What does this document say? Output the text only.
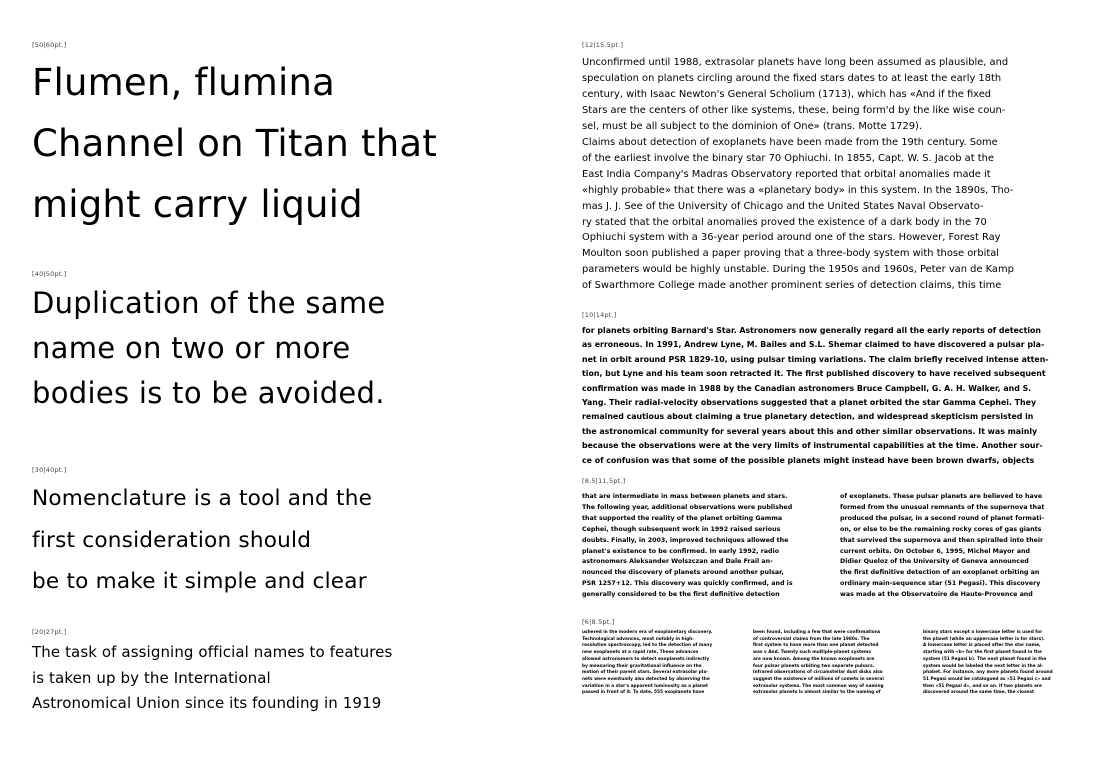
[50|60pt.]
Flumen, flumina
Channel on Titan that
might carry liquid
[40|50pt.]
Duplication of the same
name on two or more
bodies is to be avoided.
[30|40pt.]
Nomenclature is a tool and the
first consideration should
be to make it simple and clear
[20|27pt.]
The task of assigning official names to features
is taken up by the International
Astronomical Union since its founding in 1919
[12|15.5pt.]
Unconfirmed until 1988, extrasolar planets have long been assumed as plausible, and
speculation on planets circling around the fixed stars dates to at least the early 18th
century, with Isaac Newton's General Scholium (1713), which has «And if the fixed
Stars are the centers of other like systems, these, being form'd by the like wise coun-
sel, must be all subject to the dominion of One» (trans. Motte 1729).
Claims about detection of exoplanets have been made from the 19th century. Some
of the earliest involve the binary star 70 Ophiuchi. In 1855, Capt. W. S. Jacob at the
East India Company's Madras Observatory reported that orbital anomalies made it
«highly probable» that there was a «planetary body» in this system. In the 1890s, Tho-
mas J. J. See of the University of Chicago and the United States Naval Observato-
ry stated that the orbital anomalies proved the existence of a dark body in the 70
Ophiuchi system with a 36-year period around one of the stars. However, Forest Ray
Moulton soon published a paper proving that a three-body system with those orbital
parameters would be highly unstable. During the 1950s and 1960s, Peter van de Kamp
of Swarthmore College made another prominent series of detection claims, this time
[10|14pt.]
for planets orbiting Barnard's Star. Astronomers now generally regard all the early reports of detection
as erroneous. In 1991, Andrew Lyne, M. Bailes and S.L. Shemar claimed to have discovered a pulsar pla-
net in orbit around PSR 1829-10, using pulsar timing variations. The claim briefly received intense atten-
tion, but Lyne and his team soon retracted it. The first published discovery to have received subsequent
confirmation was made in 1988 by the Canadian astronomers Bruce Campbell, G. A. H. Walker, and S.
Yang. Their radial-velocity observations suggested that a planet orbited the star Gamma Cephei. They
remained cautious about claiming a true planetary detection, and widespread skepticism persisted in
the astronomical community for several years about this and other similar observations. It was mainly
because the observations were at the very limits of instrumental capabilities at the time. Another sour-
ce of confusion was that some of the possible planets might instead have been brown dwarfs, objects
[8,5|11,5pt.]
that are intermediate in mass between planets and stars.
The following year, additional observations were published
that supported the reality of the planet orbiting Gamma
Cephei, though subsequent work in 1992 raised serious
doubts. Finally, in 2003, improved techniques allowed the
planet's existence to be confirmed. In early 1992, radio
astronomers Aleksander Wolszczan and Dale Frail an-
nounced the discovery of planets around another pulsar,
PSR 1257+12. This discovery was quickly confirmed, and is
generally considered to be the first definitive detection
of exoplanets. These pulsar planets are believed to have
formed from the unusual remnants of the supernova that
produced the pulsar, in a second round of planet formati-
on, or else to be the remaining rocky cores of gas giants
that survived the supernova and then spiralled into their
current orbits. On October 6, 1995, Michel Mayor and
Didier Queloz of the University of Geneva announced
the first definitive detection of an exoplanet orbiting an
ordinary main-sequence star (51 Pegasi). This discovery
was made at the Observatoire de Haute-Provence and
[6|8.5pt.]
ushered in the modern era of exoplanetary discovery.
Technological advances, most notably in high-
resolution spectroscopy, led to the detection of many
new exoplanets at a rapid rate. These advances
allowed astronomers to detect exoplanets indirectly
by measuring their gravitational influence on the
motion of their parent stars. Several extrasolar pla-
nets were eventually also detected by observing the
variation in a star's apparent luminosity as a planet
passed in front of it. To date, 555 exoplanets have
been found, including a few that were confirmations
of controversial claims from the late 1980s. The
first system to have more than one planet detected
was v And. Twenty such multiple-planet systems
are now known. Among the known exoplanets are
four pulsar planets orbiting two separate pulsars.
Infrared observations of circumstellar dust disks also
suggest the existence of millions of comets in several
extrasolar systems. The most common way of naming
extrasolar planets is almost similar to the naming of
binary stars except a lowercase letter is used for
the planet (while an uppercase letter is for stars).
A lowercase letter is placed after the star name,
starting with «b» for the first planet found in the
system (51 Pegasi b). The next planet found in the
system would be labeled the next letter in the al-
phabet. For instance, any more planets found around
51 Pegasi would be catalogued as «51 Pegasi c» and
then «51 Pegasi d», and so on. If two planets are
discovered around the same time, the closest
